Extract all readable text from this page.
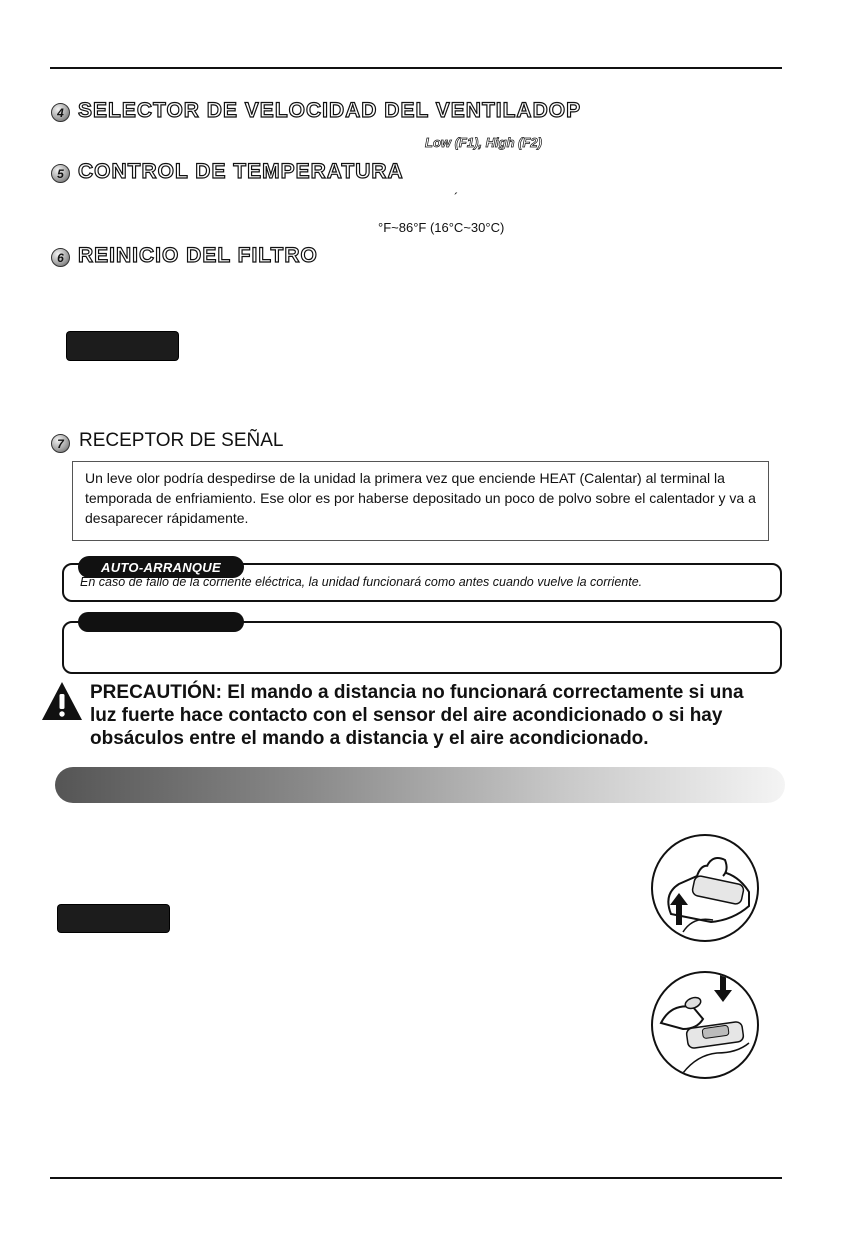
4 SELECTOR DE VELOCIDAD DEL VENTILADOP
Low (F1), High (F2)
5 CONTROL DE TEMPERATURA
´
°F~86°F (16°C~30°C)
6 REINICIO DEL FILTRO
7 RECEPTOR DE SEÑAL
Un leve olor podría despedirse de la unidad la primera vez que enciende HEAT (Calentar) al terminal la temporada de enfriamiento. Ese olor es por haberse depositado un poco de polvo sobre el calentador y va a desaparecer rápidamente.
AUTO-ARRANQUE
En caso de fallo de la corriente eléctrica, la unidad funcionará como antes cuando vuelve la corriente.
PRECAUTIÓN: El mando a distancia no funcionará correctamente si una luz fuerte hace contacto con el sensor del aire acondicionado o si hay obsáculos entre el mando a distancia y el aire acondicionado.
